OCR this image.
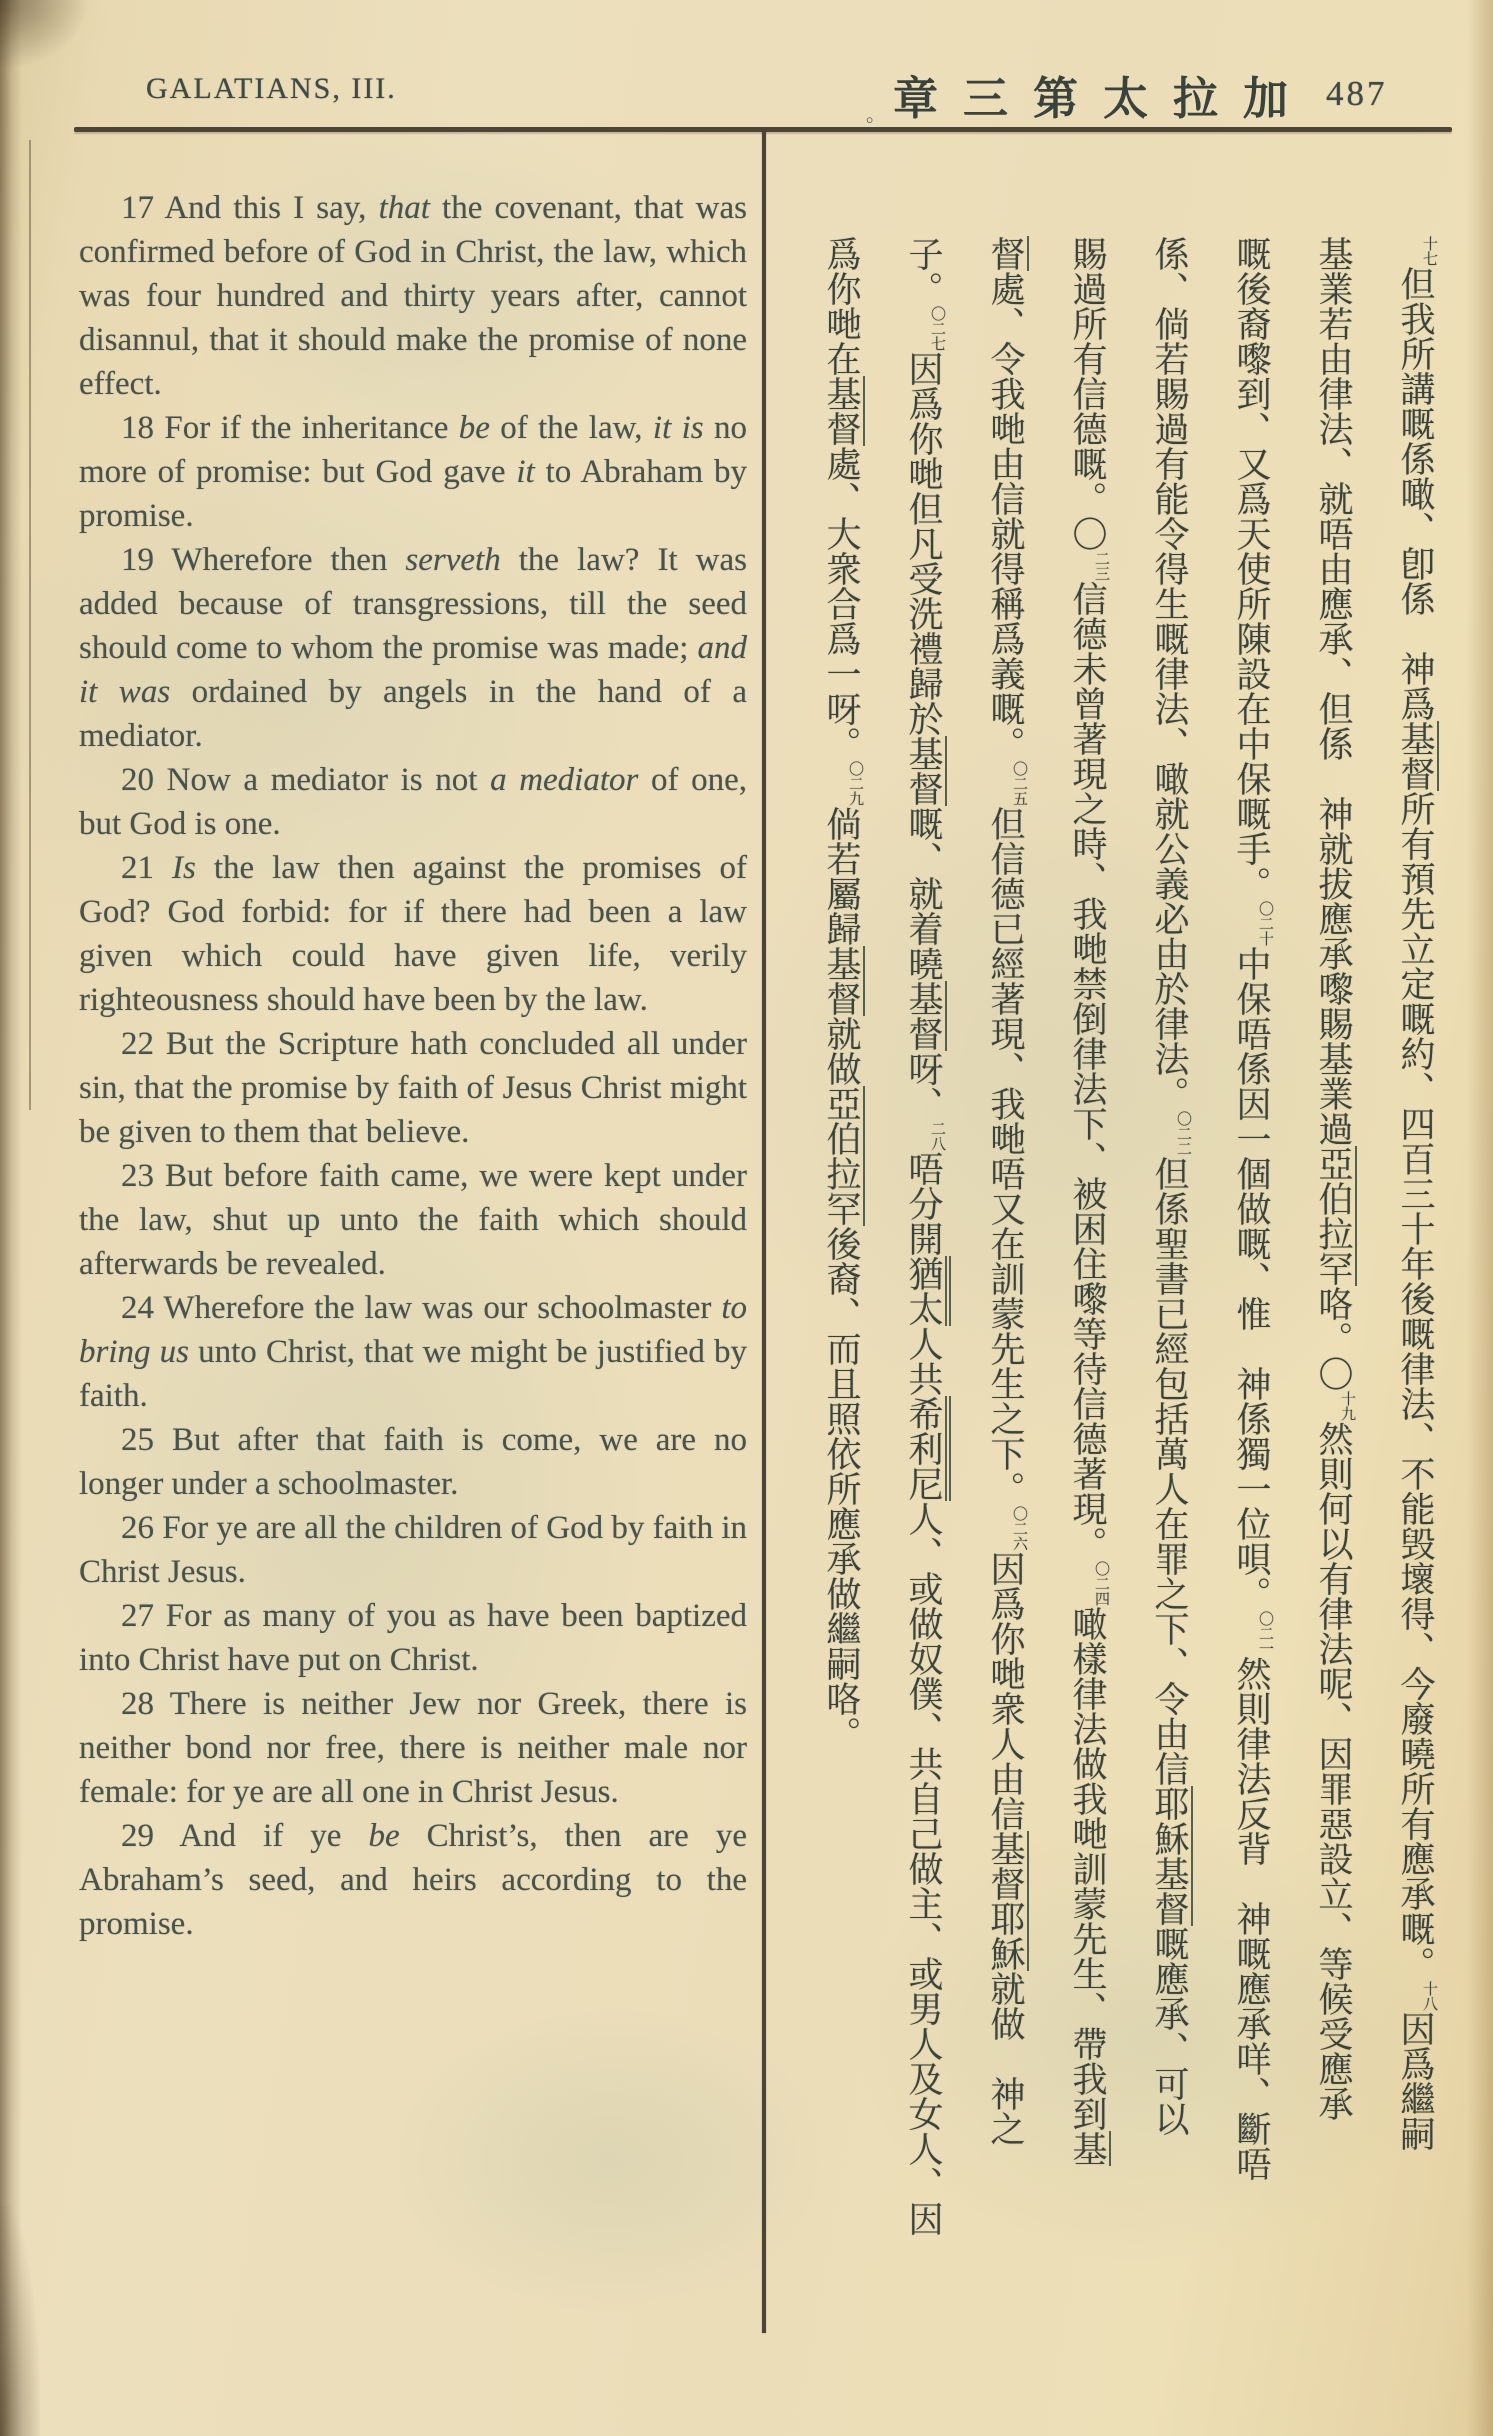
GALATIANS, III.
。 章三第太拉加 487

17 And this I say, that the covenant, that was confirmed before of God in Christ, the law, which was four hundred and thirty years after, cannot disannul, that it should make the promise of none effect.

18 For if the inheritance be of the law, it is no more of promise: but God gave it to Abraham by promise.

19 Wherefore then serveth the law? It was added because of transgressions, till the seed should come to whom the promise was made; and it was ordained by angels in the hand of a mediator.

20 Now a mediator is not a mediator of one, but God is one.

21 Is the law then against the promises of God? God forbid: for if there had been a law given which could have given life, verily righteousness should have been by the law.

22 But the Scripture hath concluded all under sin, that the promise by faith of Jesus Christ might be given to them that believe.

23 But before faith came, we were kept under the law, shut up unto the faith which should afterwards be revealed.

24 Wherefore the law was our schoolmaster to bring us unto Christ, that we might be justified by faith.

25 But after that faith is come, we are no longer under a schoolmaster.

26 For ye are all the children of God by faith in Christ Jesus.

27 For as many of you as have been baptized into Christ have put on Christ.

28 There is neither Jew nor Greek, there is neither bond nor free, there is neither male nor female: for ye are all one in Christ Jesus.

29 And if ye be Christ’s, then are ye Abraham’s seed, and heirs according to the promise.

十七但我所講嘅係噉、卽係　神爲基督所有預先立定嘅約、四百三十年後嘅律法、不能毁壞得、今廢曉所有應承嘅。十八因爲繼嗣
基業若由律法、就唔由應承、但係　神就拔應承嚟賜基業過亞伯拉罕咯。〇十九然則何以有律法呢、因罪惡設立、等候受應承
嘅後裔嚟到、又爲天使所陳設在中保嘅手。〇二十中保唔係因一個做嘅、惟　神係獨一位唄。〇二一然則律法反背　神嘅應承咩、斷唔
係、倘若賜過有能令得生嘅律法、噉就公義必由於律法。〇二二但係聖書已經包括萬人在罪之下、令由信耶穌基督嘅應承、可以
賜過所有信德嘅。〇二三信德未曾著現之時、我哋禁倒律法下、被困住嚟等待信德著現。〇二四噉樣律法做我哋訓蒙先生、帶我到基
督處、令我哋由信就得稱爲義嘅。〇二五但信德已經著現、我哋唔又在訓蒙先生之下。〇二六因爲你哋衆人由信基督耶穌就做　神之
子。〇二七因爲你哋但凡受洗禮歸於基督嘅、就着曉基督呀、二八唔分開猶太人共希利尼人、或做奴僕、共自己做主、或男人及女人、因
爲你哋在基督處、大衆合爲一呀。〇二九倘若屬歸基督就做亞伯拉罕後裔、而且照依所應承做繼嗣咯。
